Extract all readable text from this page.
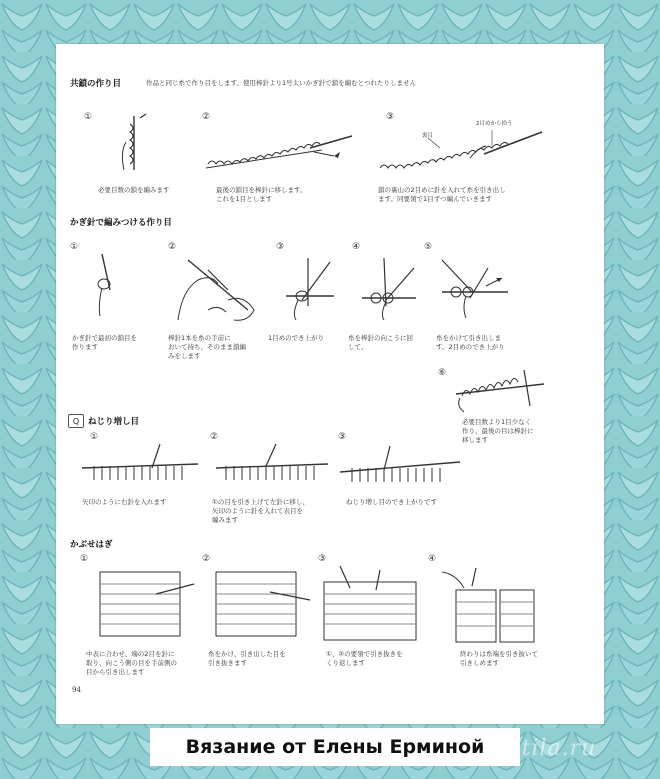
共鎖の作り目	作品と同じ糸で作り目をします。使用棒針より1号太いかぎ針で鎖を編むとつれたりしません
①
必要目数の鎖を編みます
②
最後の鎖目を棒針に移します。
これを1目とします
③
裏目
2目めから拾う
鎖の裏山の2目めに針を入れて糸を引き出し
ます。同要領で1目ずつ編んでいきます
かぎ針で編みつける作り目
①
かぎ針で最初の鎖目を
作ります
②
棒針1本を糸の手前に
おいて持ち、そのまま鎖編
みをします
③
1目めのでき上がり
④
糸を棒針の向こうに回
して、
⑤
糸をかけて引き出しま
す。2目めのでき上がり
⑥
必要目数より1目少なく
作り、最後の目は棒針に
移します
Q	ねじり増し目
①
矢印のように右針を入れます
②
①の目を引き上げて左針に移し、
矢印のように針を入れて表目を
編みます
③
ねじり増し目のでき上がりです
かぶせはぎ
①
中表に合わせ、端の2目を針に
取り、向こう側の目を手前側の
目から引き出します
②
糸をかけ、引き出した目を
引き抜きます
③
①、②の要領で引き抜きを
くり返します
④
終わりは糸端を引き抜いて
引きしめます
94
Вязание от Елены Ерминой
postila.ru
